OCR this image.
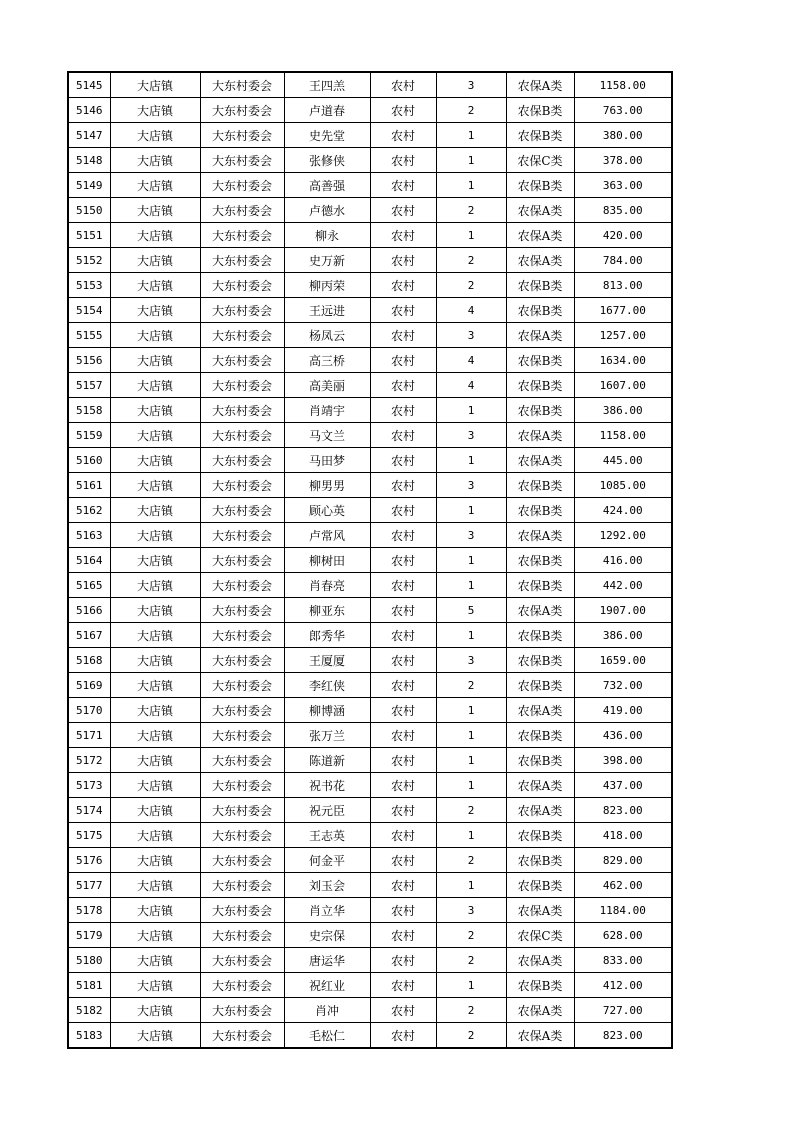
5145	大店镇	大东村委会	王四羔	农村	3	农保A类	1158.00
5146	大店镇	大东村委会	卢道春	农村	2	农保B类	763.00
5147	大店镇	大东村委会	史先堂	农村	1	农保B类	380.00
5148	大店镇	大东村委会	张修侠	农村	1	农保C类	378.00
5149	大店镇	大东村委会	高善强	农村	1	农保B类	363.00
5150	大店镇	大东村委会	卢德水	农村	2	农保A类	835.00
5151	大店镇	大东村委会	柳永	农村	1	农保A类	420.00
5152	大店镇	大东村委会	史万新	农村	2	农保A类	784.00
5153	大店镇	大东村委会	柳丙荣	农村	2	农保B类	813.00
5154	大店镇	大东村委会	王远进	农村	4	农保B类	1677.00
5155	大店镇	大东村委会	杨凤云	农村	3	农保A类	1257.00
5156	大店镇	大东村委会	高三桥	农村	4	农保B类	1634.00
5157	大店镇	大东村委会	高美丽	农村	4	农保B类	1607.00
5158	大店镇	大东村委会	肖靖宇	农村	1	农保B类	386.00
5159	大店镇	大东村委会	马文兰	农村	3	农保A类	1158.00
5160	大店镇	大东村委会	马田梦	农村	1	农保A类	445.00
5161	大店镇	大东村委会	柳男男	农村	3	农保B类	1085.00
5162	大店镇	大东村委会	顾心英	农村	1	农保B类	424.00
5163	大店镇	大东村委会	卢常风	农村	3	农保A类	1292.00
5164	大店镇	大东村委会	柳树田	农村	1	农保B类	416.00
5165	大店镇	大东村委会	肖春亮	农村	1	农保B类	442.00
5166	大店镇	大东村委会	柳亚东	农村	5	农保A类	1907.00
5167	大店镇	大东村委会	郎秀华	农村	1	农保B类	386.00
5168	大店镇	大东村委会	王厦厦	农村	3	农保B类	1659.00
5169	大店镇	大东村委会	李红侠	农村	2	农保B类	732.00
5170	大店镇	大东村委会	柳博涵	农村	1	农保A类	419.00
5171	大店镇	大东村委会	张万兰	农村	1	农保B类	436.00
5172	大店镇	大东村委会	陈道新	农村	1	农保B类	398.00
5173	大店镇	大东村委会	祝书花	农村	1	农保A类	437.00
5174	大店镇	大东村委会	祝元臣	农村	2	农保A类	823.00
5175	大店镇	大东村委会	王志英	农村	1	农保B类	418.00
5176	大店镇	大东村委会	何金平	农村	2	农保B类	829.00
5177	大店镇	大东村委会	刘玉会	农村	1	农保B类	462.00
5178	大店镇	大东村委会	肖立华	农村	3	农保A类	1184.00
5179	大店镇	大东村委会	史宗保	农村	2	农保C类	628.00
5180	大店镇	大东村委会	唐运华	农村	2	农保A类	833.00
5181	大店镇	大东村委会	祝红业	农村	1	农保B类	412.00
5182	大店镇	大东村委会	肖冲	农村	2	农保A类	727.00
5183	大店镇	大东村委会	毛松仁	农村	2	农保A类	823.00
